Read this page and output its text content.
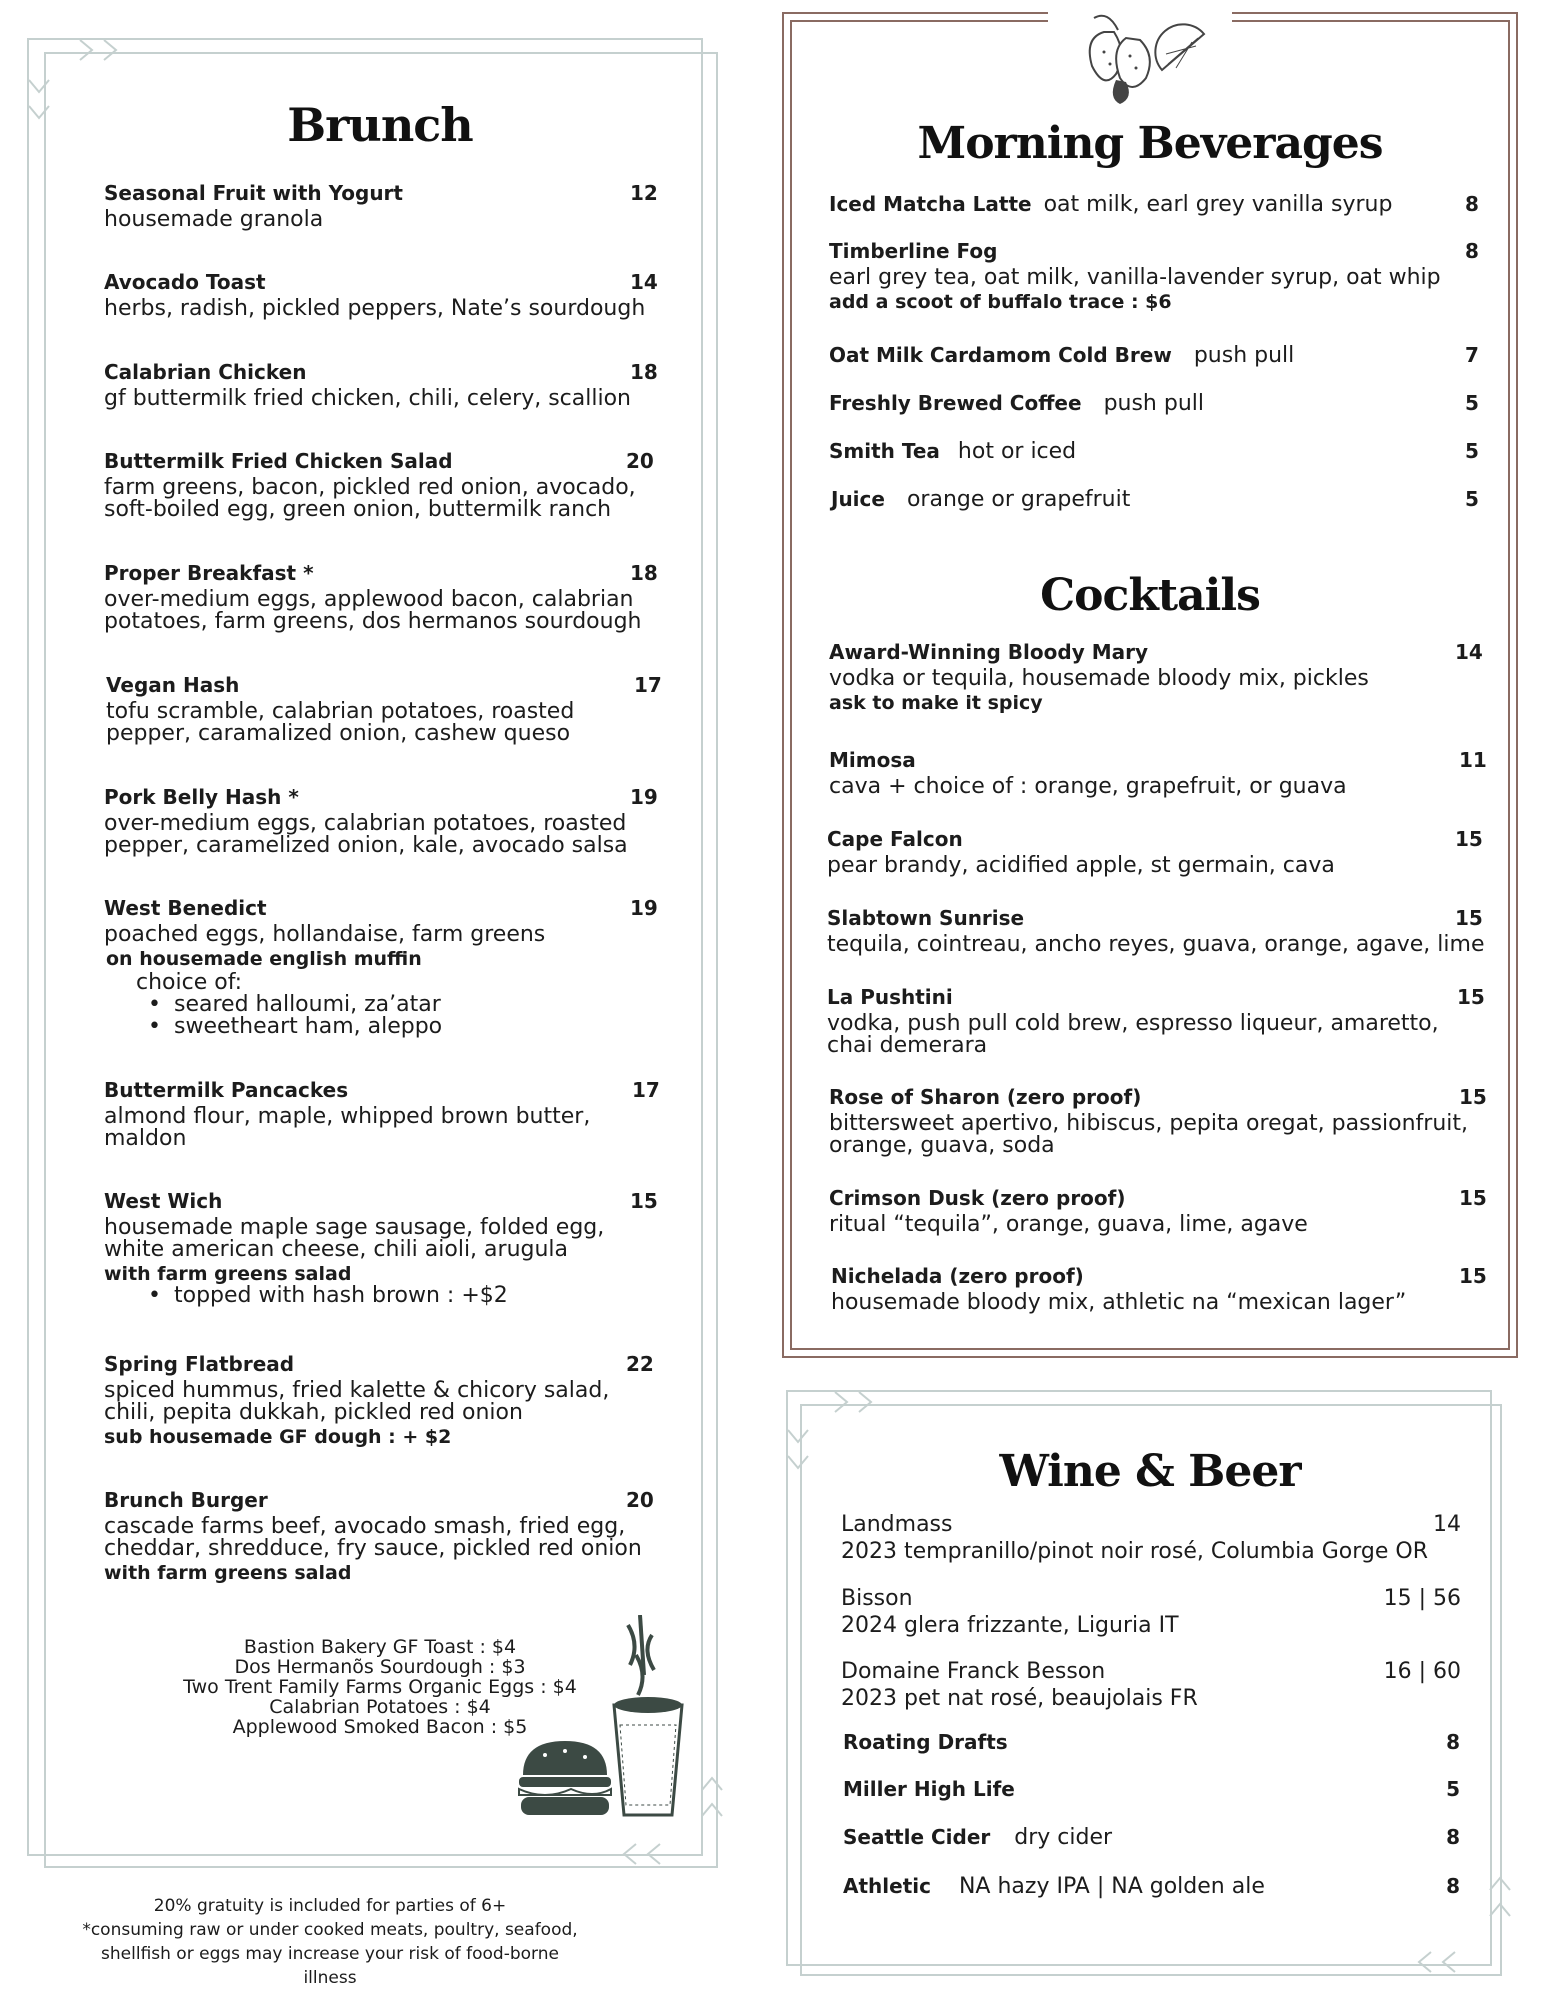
Brunch
Seasonal Fruit with Yogurt	12
housemade granola
Avocado Toast	14
herbs, radish, pickled peppers, Nate’s sourdough
Calabrian Chicken	18
gf buttermilk fried chicken, chili, celery, scallion
Buttermilk Fried Chicken Salad	20
farm greens, bacon, pickled red onion, avocado,
soft-boiled egg, green onion, buttermilk ranch
Proper Breakfast *	18
over-medium eggs, applewood bacon, calabrian
potatoes, farm greens, dos hermanos sourdough
Vegan Hash	17
tofu scramble, calabrian potatoes, roasted
pepper, caramalized onion, cashew queso
Pork Belly Hash *	19
over-medium eggs, calabrian potatoes, roasted
pepper, caramelized onion, kale, avocado salsa
West Benedict	19
poached eggs, hollandaise, farm greens
on housemade english muffin
choice of:
• seared halloumi, za’atar
• sweetheart ham, aleppo
Buttermilk Pancackes	17
almond flour, maple, whipped brown butter,
maldon
West Wich	15
housemade maple sage sausage, folded egg,
white american cheese, chili aioli, arugula
with farm greens salad
• topped with hash brown : +$2
Spring Flatbread	22
spiced hummus, fried kalette & chicory salad,
chili, pepita dukkah, pickled red onion
sub housemade GF dough : + $2
Brunch Burger	20
cascade farms beef, avocado smash, fried egg,
cheddar, shredduce, fry sauce, pickled red onion
with farm greens salad
Bastion Bakery GF Toast : $4
Dos Hermanõs Sourdough : $3
Two Trent Family Farms Organic Eggs : $4
Calabrian Potatoes : $4
Applewood Smoked Bacon : $5
20% gratuity is included for parties of 6+
*consuming raw or under cooked meats, poultry, seafood,
shellfish or eggs may increase your risk of food-borne illness
Morning Beverages
Iced Matcha Latte oat milk, earl grey vanilla syrup	8
Timberline Fog	8
earl grey tea, oat milk, vanilla-lavender syrup, oat whip
add a scoot of buffalo trace : $6
Oat Milk Cardamom Cold Brew push pull	7
Freshly Brewed Coffee push pull	5
Smith Tea hot or iced	5
Juice orange or grapefruit	5
Cocktails
Award-Winning Bloody Mary	14
vodka or tequila, housemade bloody mix, pickles
ask to make it spicy
Mimosa	11
cava + choice of : orange, grapefruit, or guava
Cape Falcon	15
pear brandy, acidified apple, st germain, cava
Slabtown Sunrise	15
tequila, cointreau, ancho reyes, guava, orange, agave, lime
La Pushtini	15
vodka, push pull cold brew, espresso liqueur, amaretto,
chai demerara
Rose of Sharon (zero proof)	15
bittersweet apertivo, hibiscus, pepita oregat, passionfruit,
orange, guava, soda
Crimson Dusk (zero proof)	15
ritual “tequila”, orange, guava, lime, agave
Nichelada (zero proof)	15
housemade bloody mix, athletic na “mexican lager”
Wine & Beer
Landmass	14
2023 tempranillo/pinot noir rosé, Columbia Gorge OR
Bisson	15 | 56
2024 glera frizzante, Liguria IT
Domaine Franck Besson	16 | 60
2023 pet nat rosé, beaujolais FR
Roating Drafts	8
Miller High Life	5
Seattle Cider dry cider	8
Athletic NA hazy IPA | NA golden ale	8
